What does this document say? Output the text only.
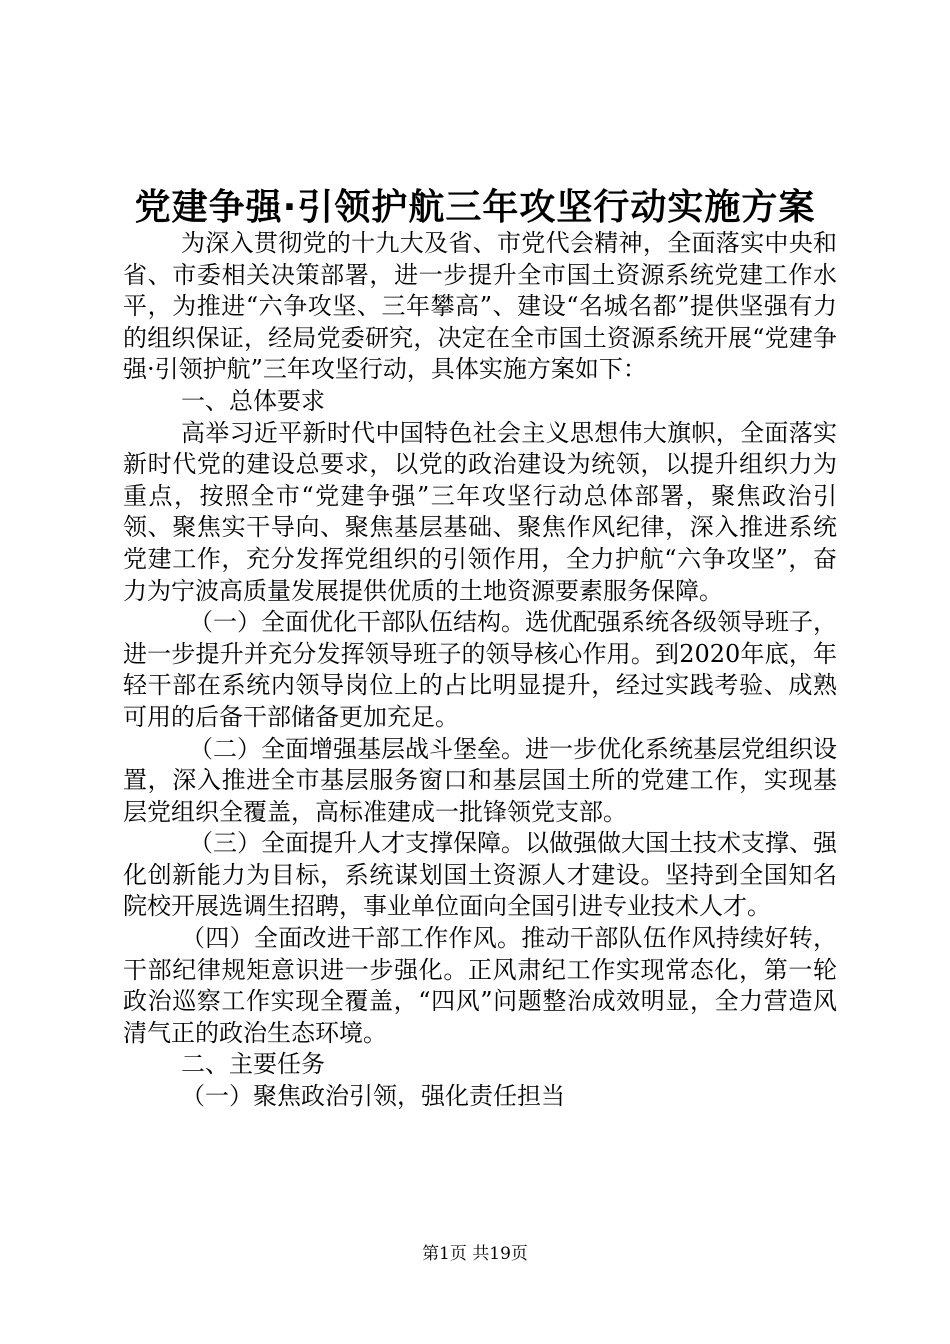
党建争强·引领护航三年攻坚行动实施方案

为深入贯彻党的十九大及省、市党代会精神，全面落实中央和省、市委相关决策部署，进一步提升全市国土资源系统党建工作水平，为推进“六争攻坚、三年攀高”、建设“名城名都”提供坚强有力的组织保证，经局党委研究，决定在全市国土资源系统开展“党建争强·引领护航”三年攻坚行动，具体实施方案如下：

一、总体要求

高举习近平新时代中国特色社会主义思想伟大旗帜，全面落实新时代党的建设总要求，以党的政治建设为统领，以提升组织力为重点，按照全市“党建争强”三年攻坚行动总体部署，聚焦政治引领、聚焦实干导向、聚焦基层基础、聚焦作风纪律，深入推进系统党建工作，充分发挥党组织的引领作用，全力护航“六争攻坚”，奋力为宁波高质量发展提供优质的土地资源要素服务保障。

（一）全面优化干部队伍结构。选优配强系统各级领导班子，进一步提升并充分发挥领导班子的领导核心作用。到2020年底，年轻干部在系统内领导岗位上的占比明显提升，经过实践考验、成熟可用的后备干部储备更加充足。

（二）全面增强基层战斗堡垒。进一步优化系统基层党组织设置，深入推进全市基层服务窗口和基层国土所的党建工作，实现基层党组织全覆盖，高标准建成一批锋领党支部。

（三）全面提升人才支撑保障。以做强做大国土技术支撑、强化创新能力为目标，系统谋划国土资源人才建设。坚持到全国知名院校开展选调生招聘，事业单位面向全国引进专业技术人才。

（四）全面改进干部工作作风。推动干部队伍作风持续好转，干部纪律规矩意识进一步强化。正风肃纪工作实现常态化，第一轮政治巡察工作实现全覆盖，“四风”问题整治成效明显，全力营造风清气正的政治生态环境。

二、主要任务

（一）聚焦政治引领，强化责任担当

第1页 共19页
